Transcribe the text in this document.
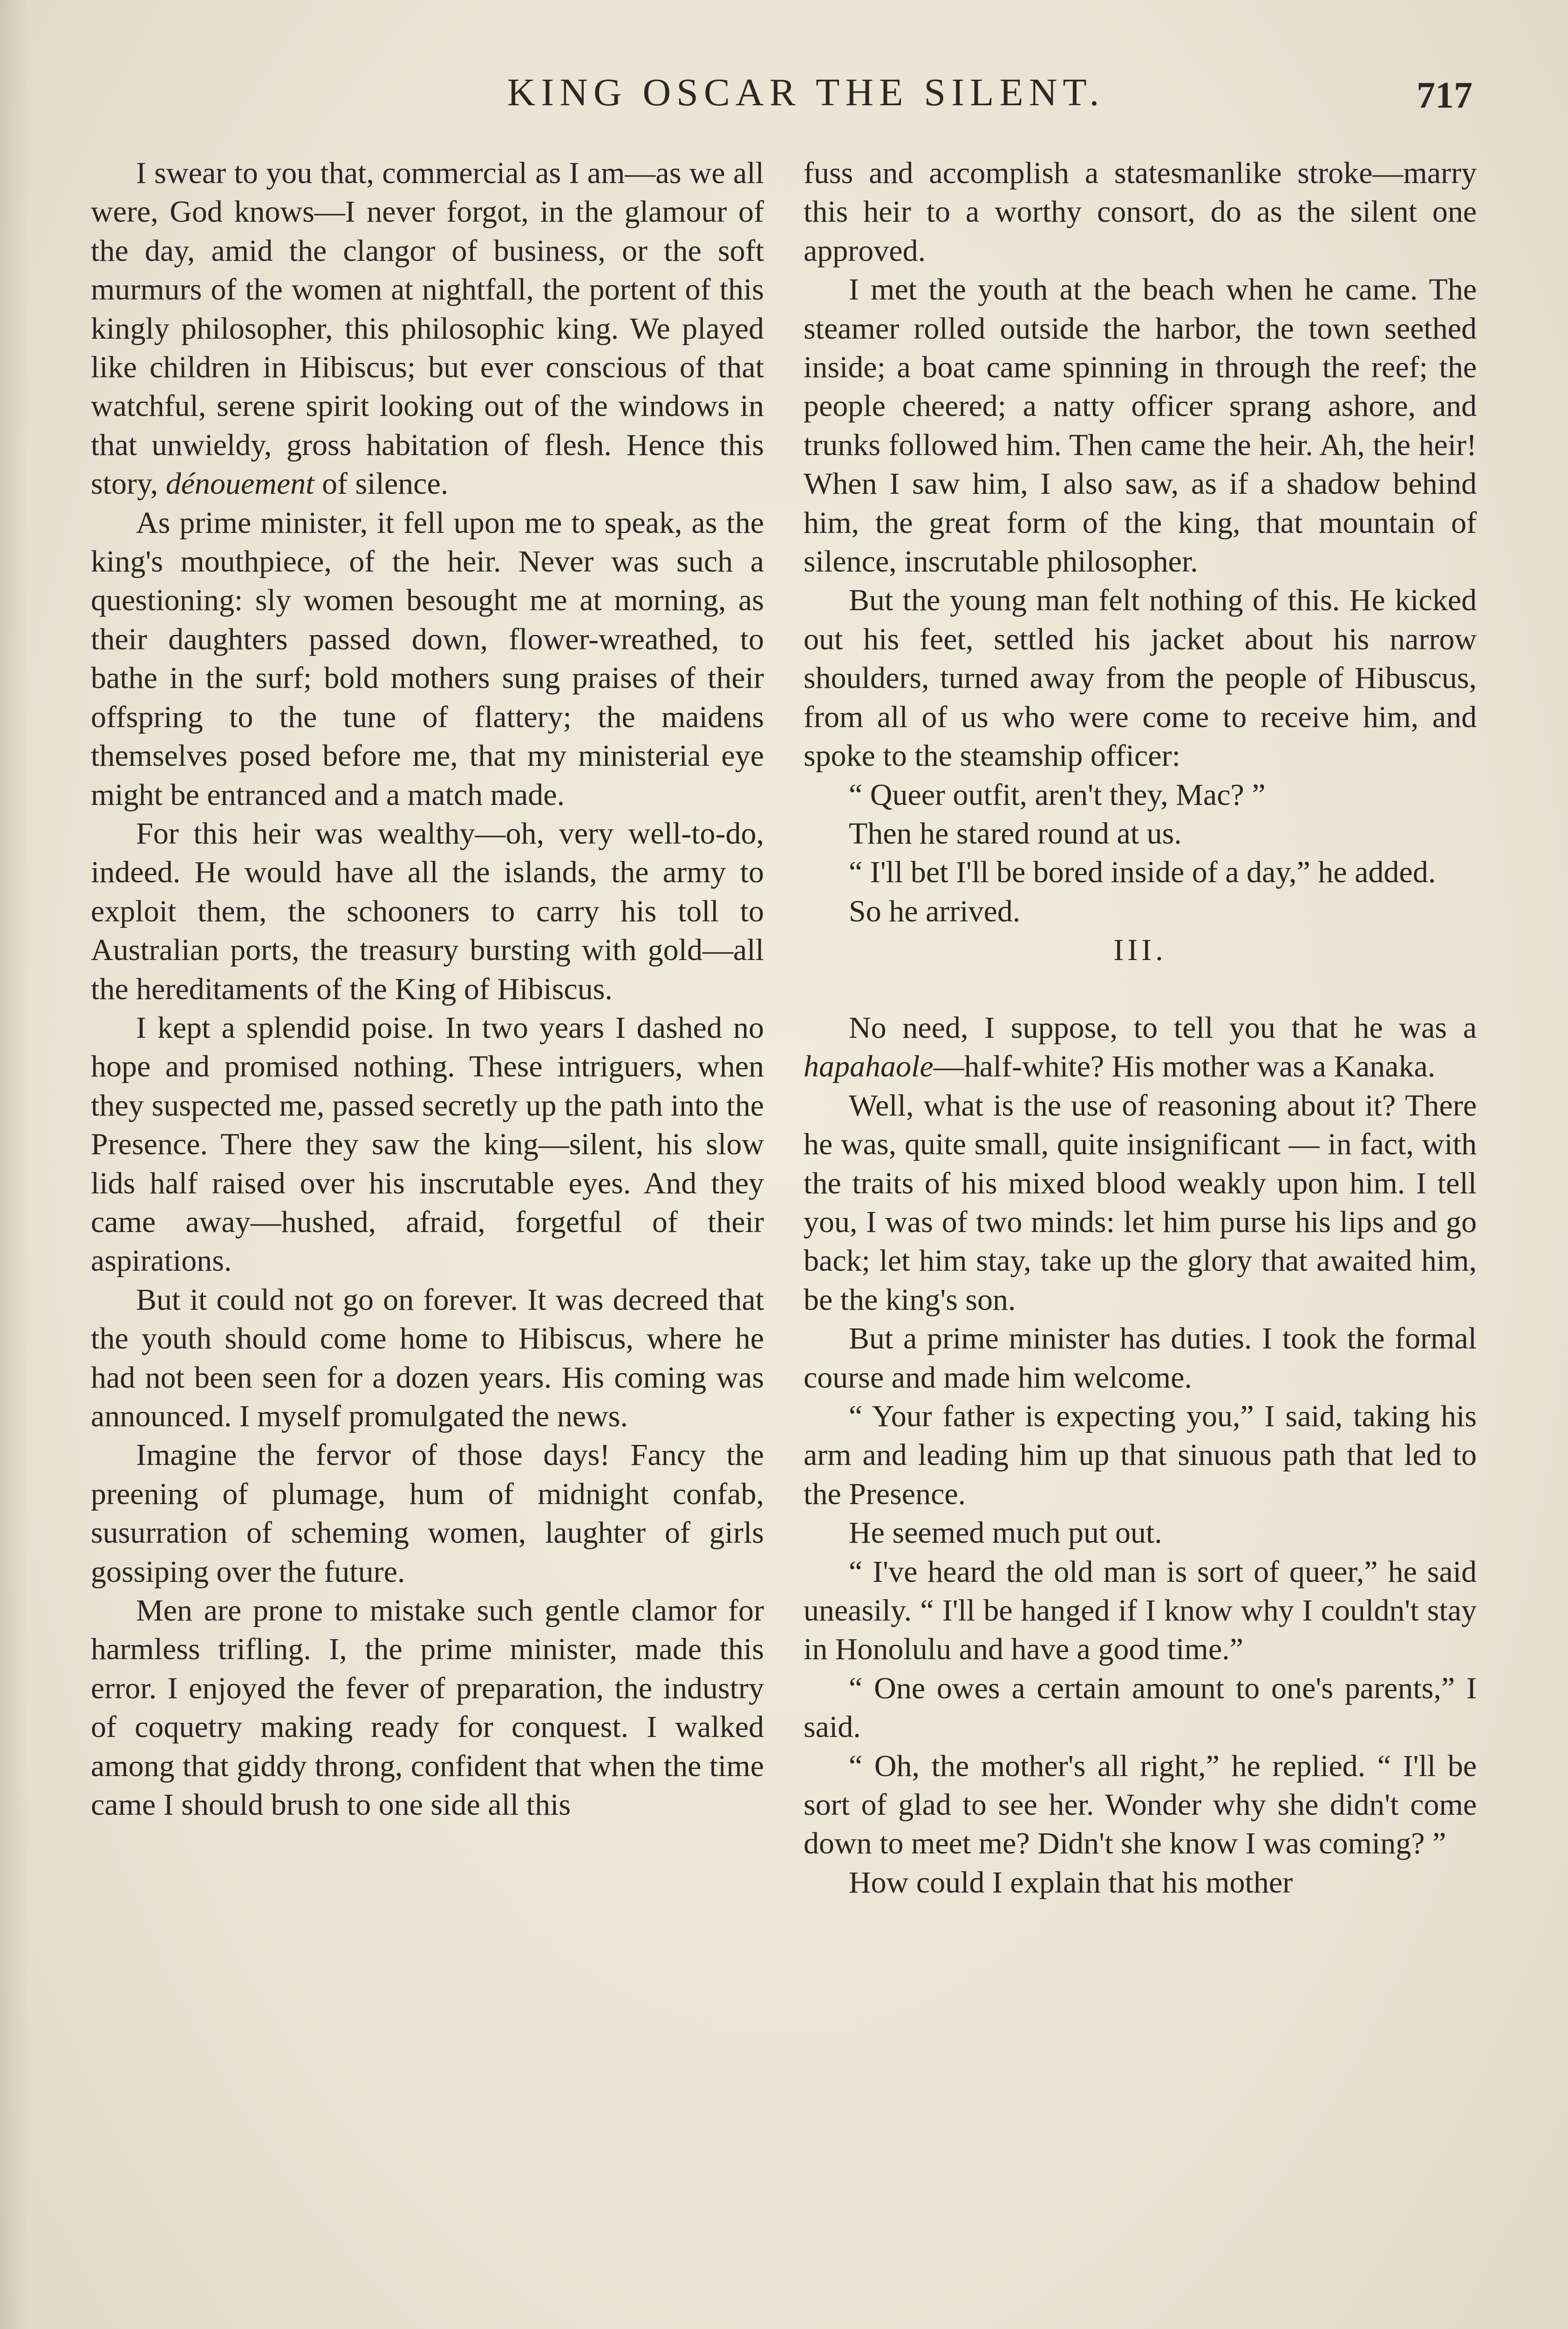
KING OSCAR THE SILENT.	717

I swear to you that, commercial as I am—as we all were, God knows—I never forgot, in the glamour of the day, amid the clangor of business, or the soft murmurs of the women at nightfall, the portent of this kingly philosopher, this philosophic king. We played like children in Hibiscus; but ever conscious of that watchful, serene spirit looking out of the windows in that unwieldy, gross habitation of flesh. Hence this story, dénouement of silence.

As prime minister, it fell upon me to speak, as the king's mouthpiece, of the heir. Never was such a questioning: sly women besought me at morning, as their daughters passed down, flower-wreathed, to bathe in the surf; bold mothers sung praises of their offspring to the tune of flattery; the maidens themselves posed before me, that my ministerial eye might be entranced and a match made.

For this heir was wealthy—oh, very well-to-do, indeed. He would have all the islands, the army to exploit them, the schooners to carry his toll to Australian ports, the treasury bursting with gold—all the hereditaments of the King of Hibiscus.

I kept a splendid poise. In two years I dashed no hope and promised nothing. These intriguers, when they suspected me, passed secretly up the path into the Presence. There they saw the king—silent, his slow lids half raised over his inscrutable eyes. And they came away—hushed, afraid, forgetful of their aspirations.

But it could not go on forever. It was decreed that the youth should come home to Hibiscus, where he had not been seen for a dozen years. His coming was announced. I myself promulgated the news.

Imagine the fervor of those days! Fancy the preening of plumage, hum of midnight confab, susurration of scheming women, laughter of girls gossiping over the future.

Men are prone to mistake such gentle clamor for harmless trifling. I, the prime minister, made this error. I enjoyed the fever of preparation, the industry of coquetry making ready for conquest. I walked among that giddy throng, confident that when the time came I should brush to one side all this

fuss and accomplish a statesmanlike stroke—marry this heir to a worthy consort, do as the silent one approved.

I met the youth at the beach when he came. The steamer rolled outside the harbor, the town seethed inside; a boat came spinning in through the reef; the people cheered; a natty officer sprang ashore, and trunks followed him. Then came the heir. Ah, the heir! When I saw him, I also saw, as if a shadow behind him, the great form of the king, that mountain of silence, inscrutable philosopher.

But the young man felt nothing of this. He kicked out his feet, settled his jacket about his narrow shoulders, turned away from the people of Hibuscus, from all of us who were come to receive him, and spoke to the steamship officer:

“ Queer outfit, aren't they, Mac? ”

Then he stared round at us.

“ I'll bet I'll be bored inside of a day,” he added.

So he arrived.

III.

No need, I suppose, to tell you that he was a hapahaole—half-white? His mother was a Kanaka.

Well, what is the use of reasoning about it? There he was, quite small, quite insignificant — in fact, with the traits of his mixed blood weakly upon him. I tell you, I was of two minds: let him purse his lips and go back; let him stay, take up the glory that awaited him, be the king's son.

But a prime minister has duties. I took the formal course and made him welcome.

“ Your father is expecting you,” I said, taking his arm and leading him up that sinuous path that led to the Presence.

He seemed much put out.

“ I've heard the old man is sort of queer,” he said uneasily. “ I'll be hanged if I know why I couldn't stay in Honolulu and have a good time.”

“ One owes a certain amount to one's parents,” I said.

“ Oh, the mother's all right,” he replied. “ I'll be sort of glad to see her. Wonder why she didn't come down to meet me? Didn't she know I was coming? ”

How could I explain that his mother
